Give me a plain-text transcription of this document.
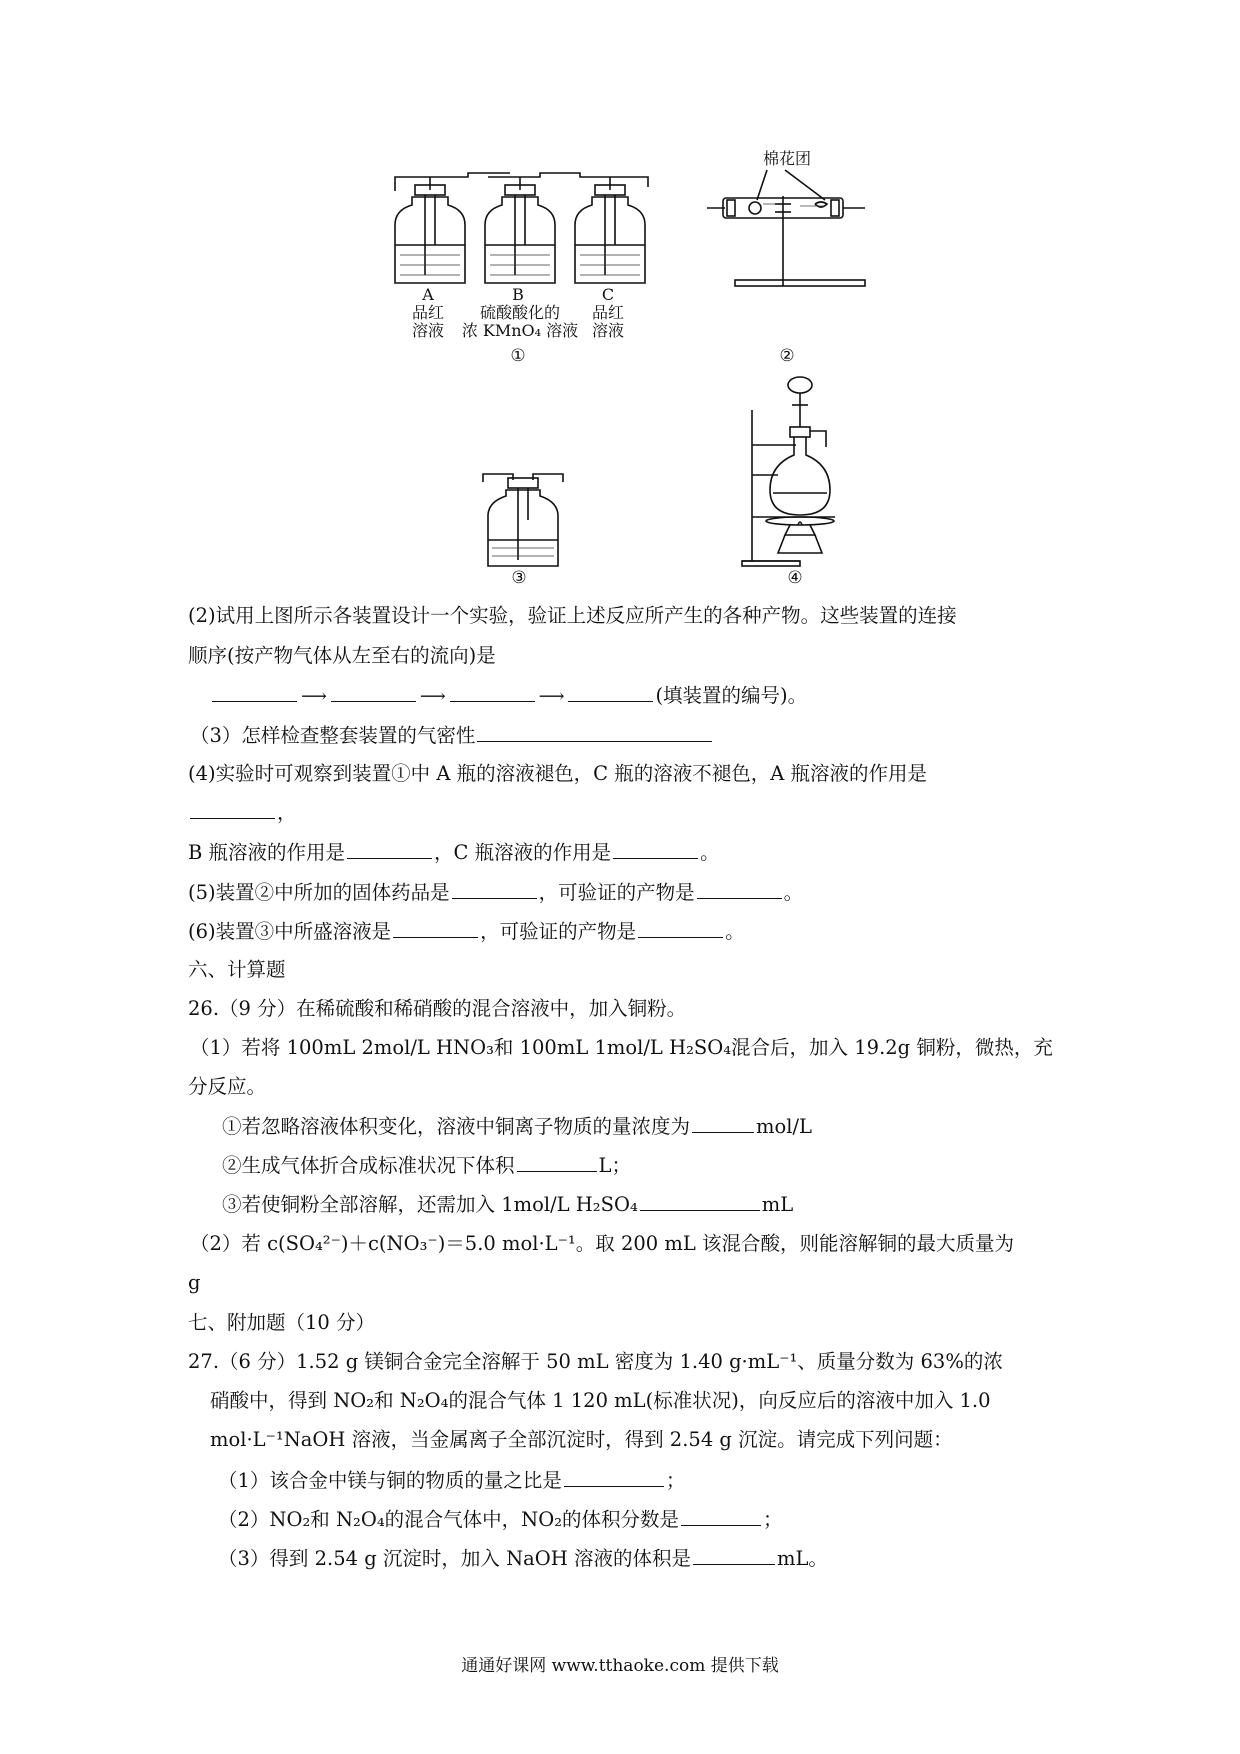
A	B	C
品红
溶液
硫酸酸化的
浓 KMnO₄ 溶液
品红
溶液
①
棉花团
②
③	④
(2)试用上图所示各装置设计一个实验，验证上述反应所产生的各种产物。这些装置的连接
顺序(按产物气体从左至右的流向)是
⟶	⟶	⟶	(填装置的编号)。
（3）怎样检查整套装置的气密性
(4)实验时可观察到装置①中 A 瓶的溶液褪色，C 瓶的溶液不褪色，A 瓶溶液的作用是
，
B 瓶溶液的作用是	，C 瓶溶液的作用是	。
(5)装置②中所加的固体药品是	，可验证的产物是	。
(6)装置③中所盛溶液是	，可验证的产物是	。
六、计算题
26.（9 分）在稀硫酸和稀硝酸的混合溶液中，加入铜粉。
（1）若将 100mL 2mol/L HNO₃和 100mL 1mol/L H₂SO₄混合后，加入 19.2g 铜粉，微热，充
分反应。
①若忽略溶液体积变化，溶液中铜离子物质的量浓度为	mol/L
②生成气体折合成标准状况下体积	L；
③若使铜粉全部溶解，还需加入 1mol/L H₂SO₄	mL
（2）若 c(SO₄²⁻)＋c(NO₃⁻)＝5.0 mol·L⁻¹。取 200 mL 该混合酸，则能溶解铜的最大质量为
g
七、附加题（10 分）
27.（6 分）1.52 g 镁铜合金完全溶解于 50 mL 密度为 1.40 g·mL⁻¹、质量分数为 63%的浓
硝酸中，得到 NO₂和 N₂O₄的混合气体 1 120 mL(标准状况)，向反应后的溶液中加入 1.0
mol·L⁻¹NaOH 溶液，当金属离子全部沉淀时，得到 2.54 g 沉淀。请完成下列问题：
（1）该合金中镁与铜的物质的量之比是	；
（2）NO₂和 N₂O₄的混合气体中，NO₂的体积分数是	；
（3）得到 2.54 g 沉淀时，加入 NaOH 溶液的体积是	mL。
通通好课网 www.tthaoke.com 提供下载
